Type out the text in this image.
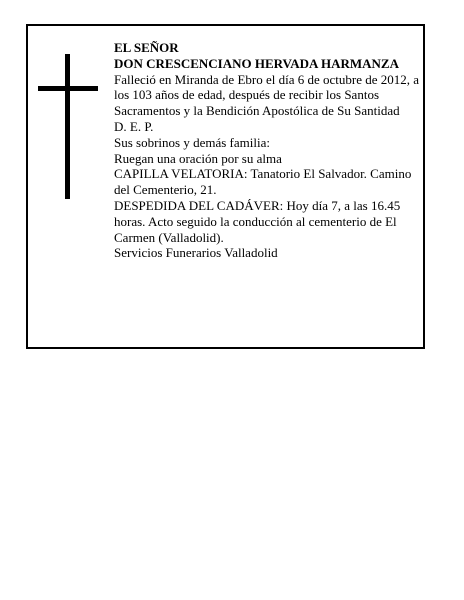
EL SEÑOR

DON CRESCENCIANO HERVADA HARMANZA

Falleció en Miranda de Ebro el día 6 de octubre de 2012, a los 103 años de edad, después de recibir los Santos Sacramentos y la Bendición Apostólica de Su Santidad

D. E. P.

Sus sobrinos y demás familia:

Ruegan una oración por su alma

CAPILLA VELATORIA: Tanatorio El Salvador. Camino del Cementerio, 21.

DESPEDIDA DEL CADÁVER: Hoy día 7, a las 16.45 horas. Acto seguido la conducción al cementerio de El Carmen (Valladolid).

Servicios Funerarios Valladolid
